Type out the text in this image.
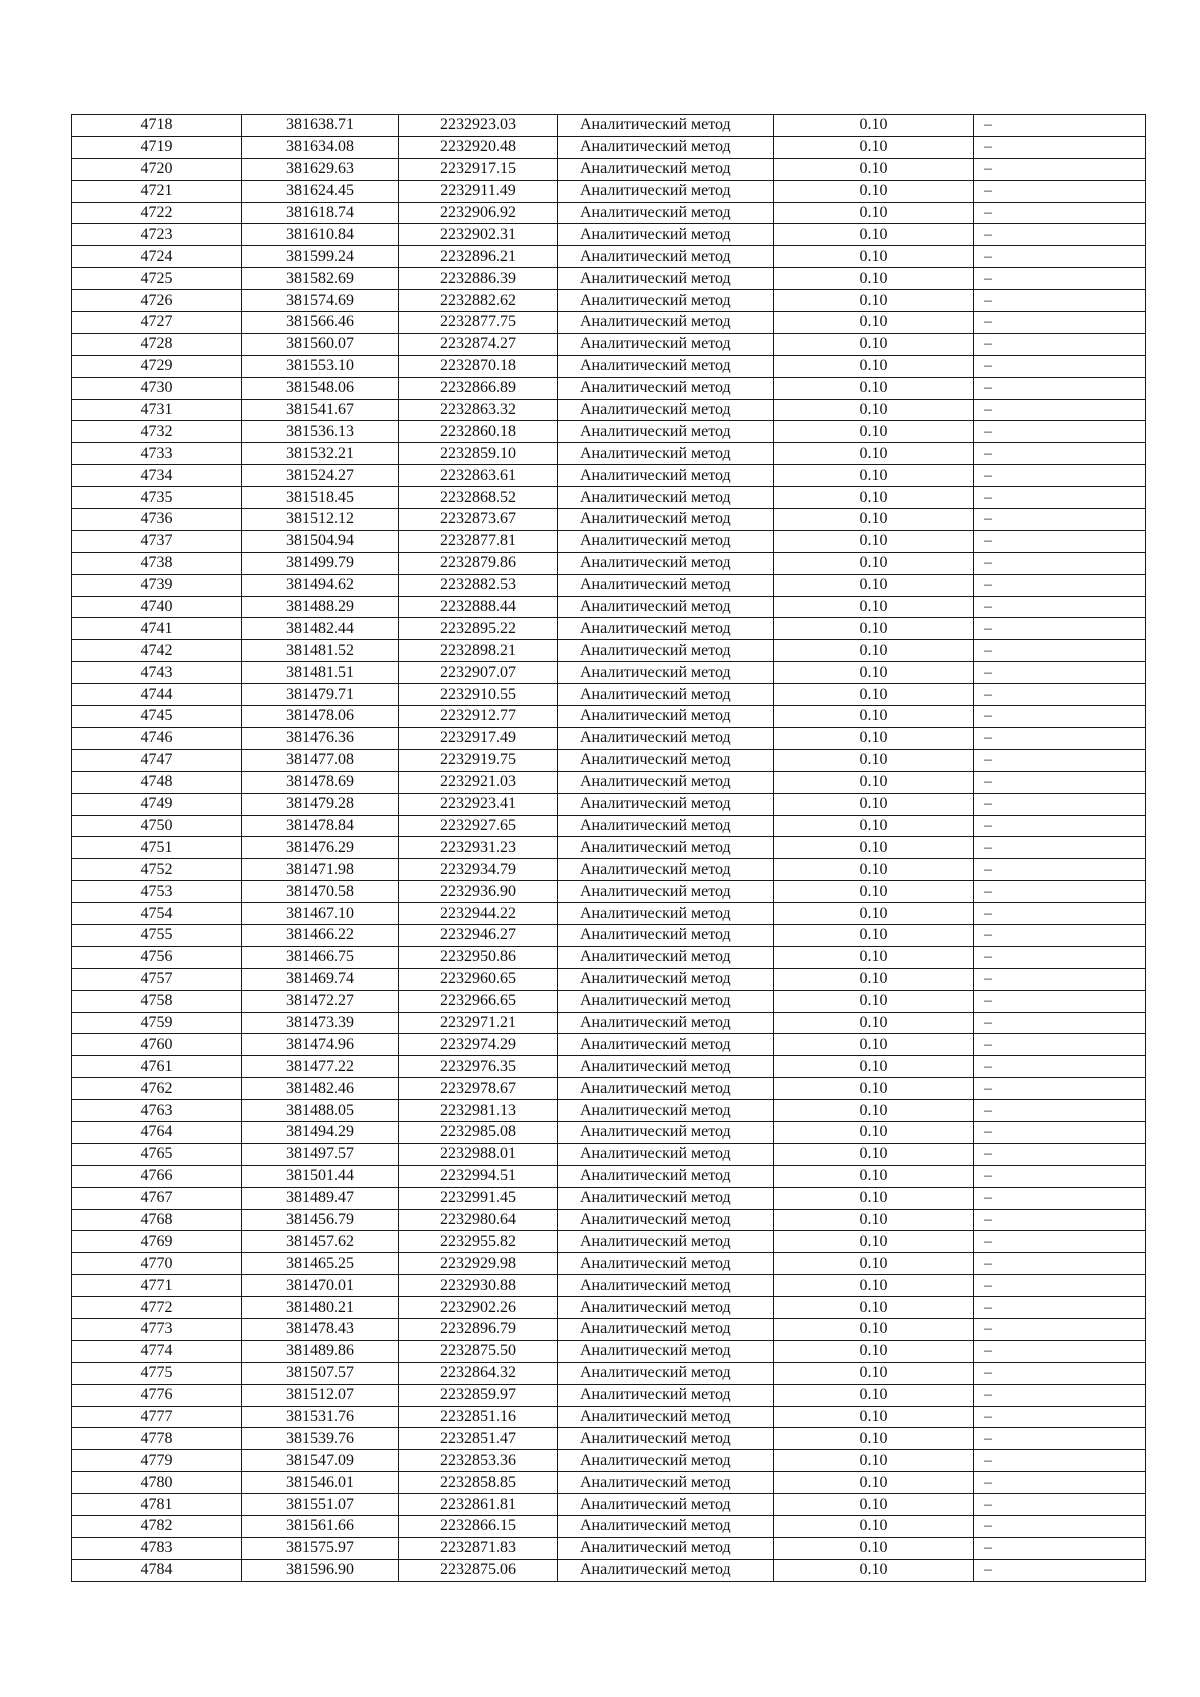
4718	381638.71	2232923.03	Аналитический метод	0.10	–
4719	381634.08	2232920.48	Аналитический метод	0.10	–
4720	381629.63	2232917.15	Аналитический метод	0.10	–
4721	381624.45	2232911.49	Аналитический метод	0.10	–
4722	381618.74	2232906.92	Аналитический метод	0.10	–
4723	381610.84	2232902.31	Аналитический метод	0.10	–
4724	381599.24	2232896.21	Аналитический метод	0.10	–
4725	381582.69	2232886.39	Аналитический метод	0.10	–
4726	381574.69	2232882.62	Аналитический метод	0.10	–
4727	381566.46	2232877.75	Аналитический метод	0.10	–
4728	381560.07	2232874.27	Аналитический метод	0.10	–
4729	381553.10	2232870.18	Аналитический метод	0.10	–
4730	381548.06	2232866.89	Аналитический метод	0.10	–
4731	381541.67	2232863.32	Аналитический метод	0.10	–
4732	381536.13	2232860.18	Аналитический метод	0.10	–
4733	381532.21	2232859.10	Аналитический метод	0.10	–
4734	381524.27	2232863.61	Аналитический метод	0.10	–
4735	381518.45	2232868.52	Аналитический метод	0.10	–
4736	381512.12	2232873.67	Аналитический метод	0.10	–
4737	381504.94	2232877.81	Аналитический метод	0.10	–
4738	381499.79	2232879.86	Аналитический метод	0.10	–
4739	381494.62	2232882.53	Аналитический метод	0.10	–
4740	381488.29	2232888.44	Аналитический метод	0.10	–
4741	381482.44	2232895.22	Аналитический метод	0.10	–
4742	381481.52	2232898.21	Аналитический метод	0.10	–
4743	381481.51	2232907.07	Аналитический метод	0.10	–
4744	381479.71	2232910.55	Аналитический метод	0.10	–
4745	381478.06	2232912.77	Аналитический метод	0.10	–
4746	381476.36	2232917.49	Аналитический метод	0.10	–
4747	381477.08	2232919.75	Аналитический метод	0.10	–
4748	381478.69	2232921.03	Аналитический метод	0.10	–
4749	381479.28	2232923.41	Аналитический метод	0.10	–
4750	381478.84	2232927.65	Аналитический метод	0.10	–
4751	381476.29	2232931.23	Аналитический метод	0.10	–
4752	381471.98	2232934.79	Аналитический метод	0.10	–
4753	381470.58	2232936.90	Аналитический метод	0.10	–
4754	381467.10	2232944.22	Аналитический метод	0.10	–
4755	381466.22	2232946.27	Аналитический метод	0.10	–
4756	381466.75	2232950.86	Аналитический метод	0.10	–
4757	381469.74	2232960.65	Аналитический метод	0.10	–
4758	381472.27	2232966.65	Аналитический метод	0.10	–
4759	381473.39	2232971.21	Аналитический метод	0.10	–
4760	381474.96	2232974.29	Аналитический метод	0.10	–
4761	381477.22	2232976.35	Аналитический метод	0.10	–
4762	381482.46	2232978.67	Аналитический метод	0.10	–
4763	381488.05	2232981.13	Аналитический метод	0.10	–
4764	381494.29	2232985.08	Аналитический метод	0.10	–
4765	381497.57	2232988.01	Аналитический метод	0.10	–
4766	381501.44	2232994.51	Аналитический метод	0.10	–
4767	381489.47	2232991.45	Аналитический метод	0.10	–
4768	381456.79	2232980.64	Аналитический метод	0.10	–
4769	381457.62	2232955.82	Аналитический метод	0.10	–
4770	381465.25	2232929.98	Аналитический метод	0.10	–
4771	381470.01	2232930.88	Аналитический метод	0.10	–
4772	381480.21	2232902.26	Аналитический метод	0.10	–
4773	381478.43	2232896.79	Аналитический метод	0.10	–
4774	381489.86	2232875.50	Аналитический метод	0.10	–
4775	381507.57	2232864.32	Аналитический метод	0.10	–
4776	381512.07	2232859.97	Аналитический метод	0.10	–
4777	381531.76	2232851.16	Аналитический метод	0.10	–
4778	381539.76	2232851.47	Аналитический метод	0.10	–
4779	381547.09	2232853.36	Аналитический метод	0.10	–
4780	381546.01	2232858.85	Аналитический метод	0.10	–
4781	381551.07	2232861.81	Аналитический метод	0.10	–
4782	381561.66	2232866.15	Аналитический метод	0.10	–
4783	381575.97	2232871.83	Аналитический метод	0.10	–
4784	381596.90	2232875.06	Аналитический метод	0.10	–
